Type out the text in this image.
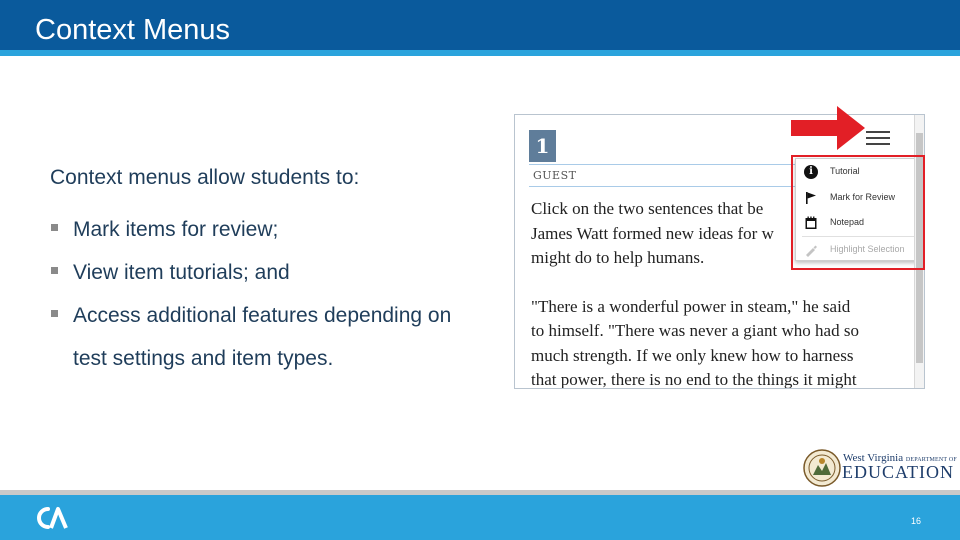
Context Menus
Context menus allow students to:
Mark items for review;
View item tutorials; and
Access additional features depending on test settings and item types.
1
GUEST
Click on the two sentences that be
James Watt formed new ideas for w
might do to help humans.
"There is a wonderful power in steam," he said
to himself. "There was never a giant who had so
much strength. If we only knew how to harness
that power, there is no end to the things it might
i	Tutorial
Mark for Review
Notepad
Highlight Selection
West Virginia DEPARTMENT OF
EDUCATION
16
